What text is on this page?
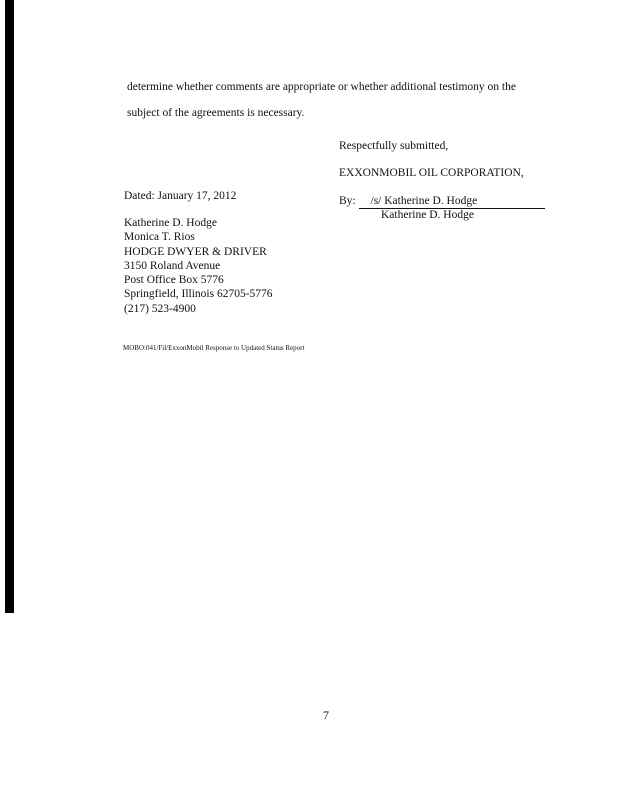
determine whether comments are appropriate or whether additional testimony on the
subject of the agreements is necessary.
Respectfully submitted,
EXXONMOBIL OIL CORPORATION,
Dated: January 17, 2012	By: /s/ Katherine D. Hodge
Katherine D. Hodge
Katherine D. Hodge
Monica T. Rios
HODGE DWYER & DRIVER
3150 Roland Avenue
Post Office Box 5776
Springfield, Illinois 62705-5776
(217) 523-4900
MOBO:041/Fil/ExxonMobil Response to Updated Status Report
7
